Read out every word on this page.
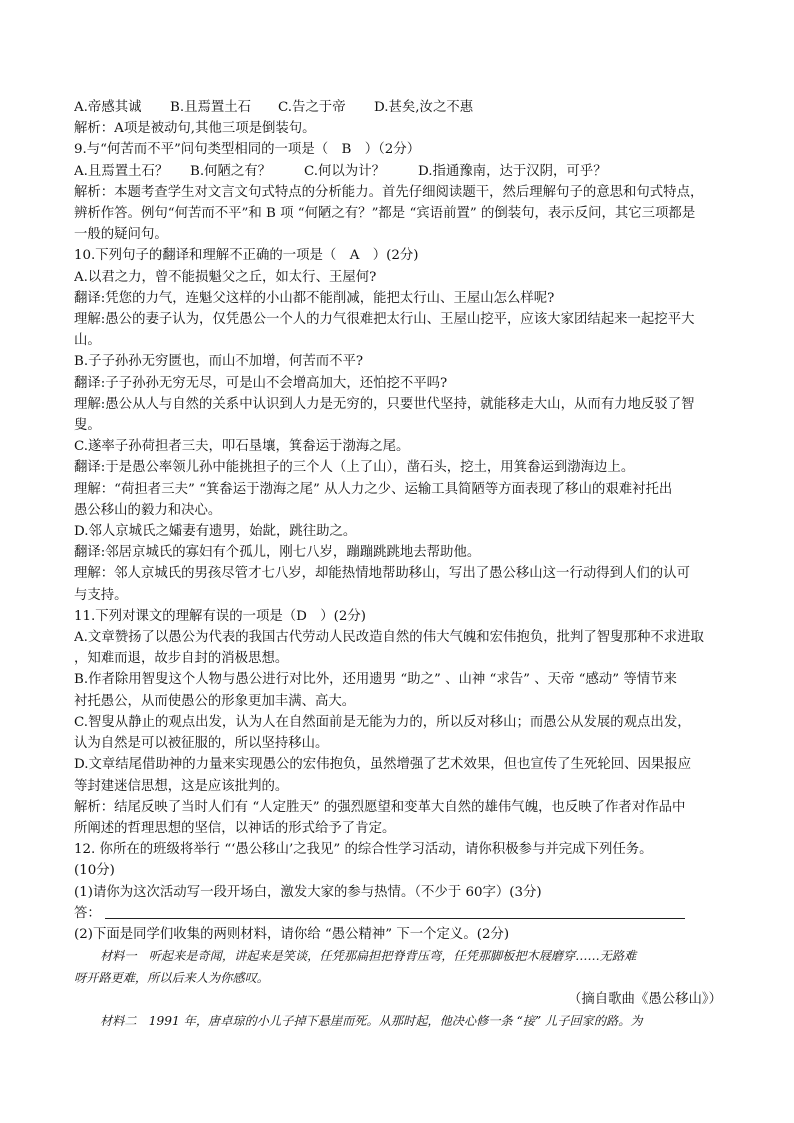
A.帝感其诚 B.且焉置土石 C.告之于帝 D.甚矣,汝之不惠
解析：A项是被动句,其他三项是倒装句。
9.与“何苦而不平”问句类型相同的一项是（　B　）（2分）
A.且焉置土石？ B.何陋之有？ C.何以为计？ D.指通豫南，达于汉阴，可乎？
解析：本题考查学生对文言文句式特点的分析能力。首先仔细阅读题干，然后理解句子的意思和句式特点，
辨析作答。例句“何苦而不平”和 B 项 “何陋之有？”都是 “宾语前置” 的倒装句，表示反问，其它三项都是
一般的疑问句。
10.下列句子的翻译和理解不正确的一项是（　A　）(2分)
A.以君之力，曾不能损魁父之丘，如太行、王屋何?
翻译:凭您的力气，连魁父这样的小山都不能削减，能把太行山、王屋山怎么样呢?
理解:愚公的妻子认为，仅凭愚公一个人的力气很难把太行山、王屋山挖平，应该大家团结起来一起挖平大
山。
B.子子孙孙无穷匮也，而山不加增，何苦而不平?
翻译:子子孙孙无穷无尽，可是山不会增高加大，还怕挖不平吗?
理解:愚公从人与自然的关系中认识到人力是无穷的，只要世代坚持，就能移走大山，从而有力地反驳了智
叟。
C.遂率子孙荷担者三夫，叩石垦壤，箕畚运于渤海之尾。
翻译:于是愚公率领儿孙中能挑担子的三个人（上了山），凿石头，挖土，用箕畚运到渤海边上。
理解：“荷担者三夫” “箕畚运于渤海之尾” 从人力之少、运输工具简陋等方面表现了移山的艰难衬托出
愚公移山的毅力和决心。
D.邻人京城氏之孀妻有遗男，始龀，跳往助之。
翻译:邻居京城氏的寡妇有个孤儿，刚七八岁，蹦蹦跳跳地去帮助他。
理解：邻人京城氏的男孩尽管才七八岁，却能热情地帮助移山，写出了愚公移山这一行动得到人们的认可
与支持。
11.下列对课文的理解有误的一项是（D　）(2分)
A.文章赞扬了以愚公为代表的我国古代劳动人民改造自然的伟大气魄和宏伟抱负，批判了智叟那种不求进取
，知难而退，故步自封的消极思想。
B.作者除用智叟这个人物与愚公进行对比外，还用遗男 “助之” 、山神 “求告” 、天帝 “感动” 等情节来
衬托愚公，从而使愚公的形象更加丰满、高大。
C.智叟从静止的观点出发，认为人在自然面前是无能为力的，所以反对移山；而愚公从发展的观点出发，
认为自然是可以被征服的，所以坚持移山。
D.文章结尾借助神的力量来实现愚公的宏伟抱负，虽然增强了艺术效果，但也宣传了生死轮回、因果报应
等封建迷信思想，这是应该批判的。
解析：结尾反映了当时人们有 “人定胜天” 的强烈愿望和变革大自然的雄伟气魄，也反映了作者对作品中
所阐述的哲理思想的坚信，以神话的形式给予了肯定。
12. 你所在的班级将举行 “‘愚公移山’之我见” 的综合性学习活动，请你积极参与并完成下列任务。
(10分)
(1)请你为这次活动写一段开场白，激发大家的参与热情。（不少于 60字）(3分)
答：
(2)下面是同学们收集的两则材料，请你给 “愚公精神” 下一个定义。(2分)
材料一　听起来是奇闻，讲起来是笑谈，任凭那扁担把脊背压弯，任凭那脚板把木屐磨穿……无路难
呀开路更难，所以后来人为你感叹。
（摘自歌曲《愚公移山》）
材料二　1991 年，唐卓琼的小儿子掉下悬崖而死。从那时起，他决心修一条 “接” 儿子回家的路。为
